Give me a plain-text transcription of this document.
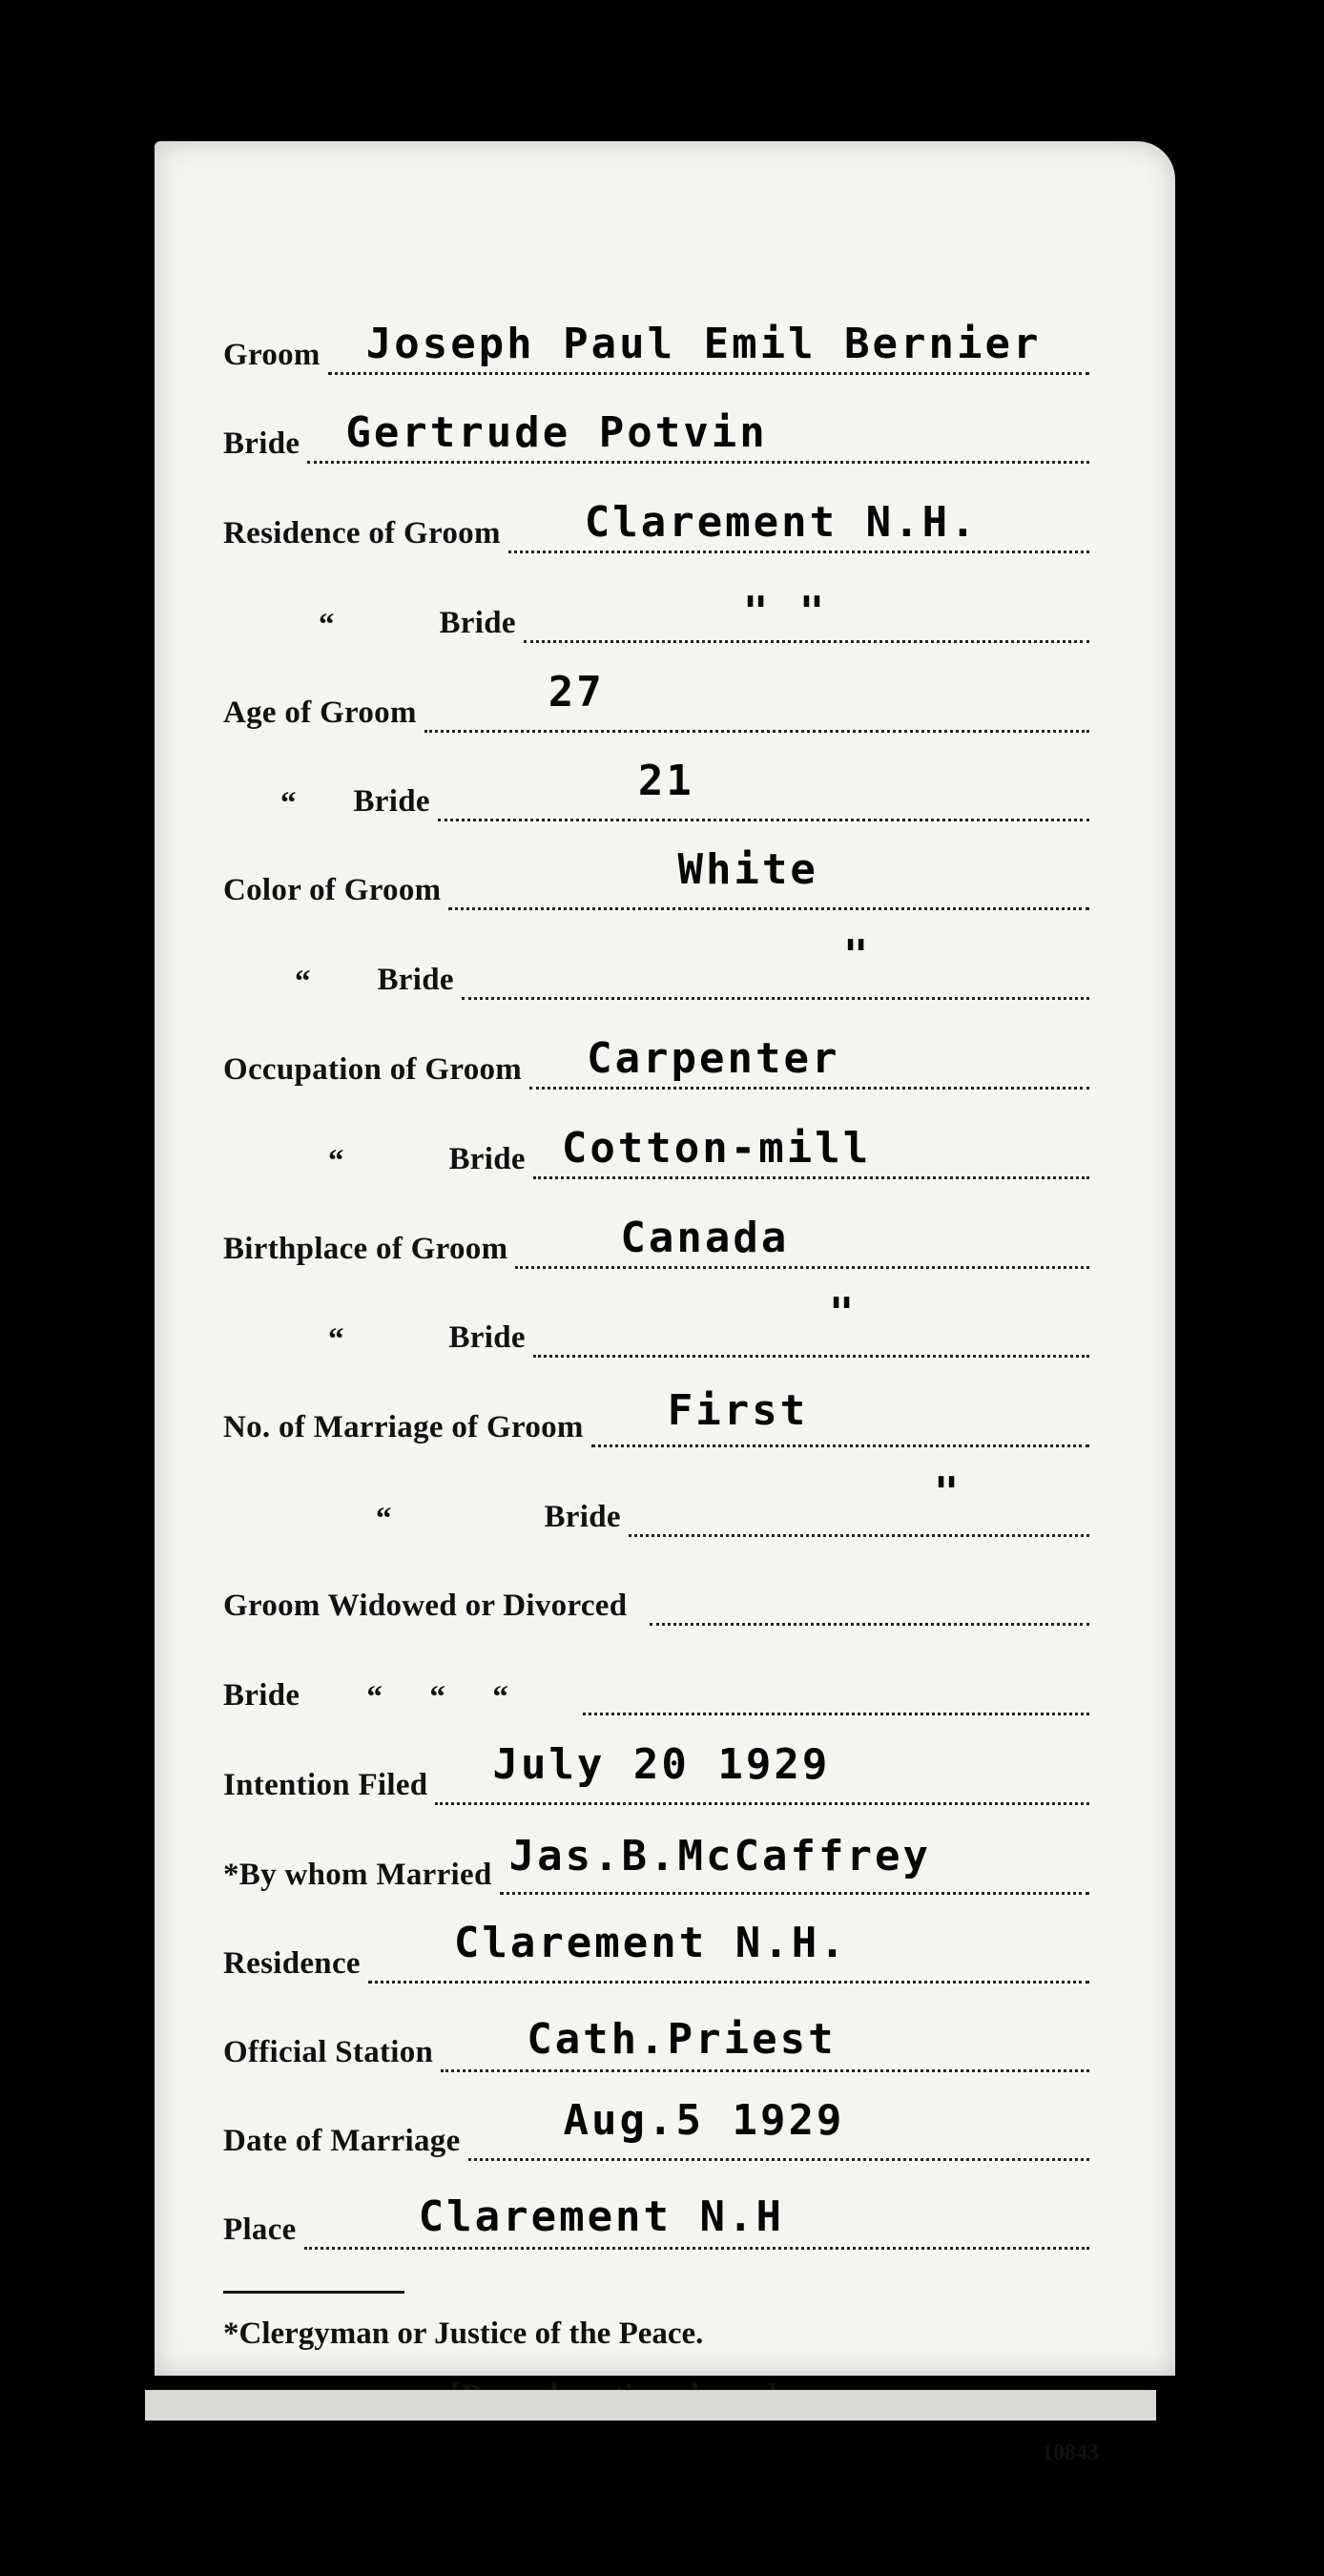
Groom Joseph Paul Emil Bernier
Bride Gertrude Potvin
Residence of Groom Clarement N.H.
“	Bride	" "
Age of Groom	27
“ Bride	21
Color of Groom	White
“ Bride	"
Occupation of Groom Carpenter
“	Bride Cotton-mill
Birthplace of Groom	Canada
“	Bride	"
No. of Marriage of Groom First
“	Bride	"
Groom Widowed or Divorced
Bride “      “      “
Intention Filed July 20 1929
*By whom Married Jas.B.McCaffrey
Residence Clarement N.H.
Official Station Cath.Priest
Date of Marriage Aug.5 1929
Place	Clarement N.H
*Clergyman or Justice of the Peace.
10843
